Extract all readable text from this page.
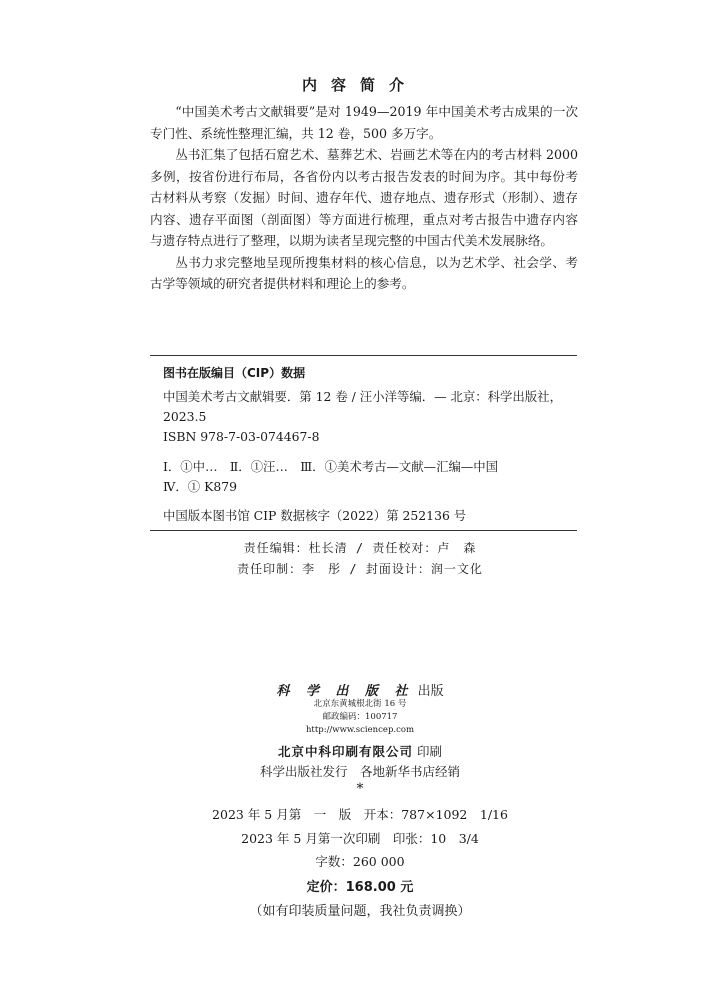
内容简介

“中国美术考古文献辑要”是对 1949—2019 年中国美术考古成果的一次专门性、系统性整理汇编，共 12 卷，500 多万字。

丛书汇集了包括石窟艺术、墓葬艺术、岩画艺术等在内的考古材料 2000 多例，按省份进行布局，各省份内以考古报告发表的时间为序。其中每份考古材料从考察（发掘）时间、遗存年代、遗存地点、遗存形式（形制）、遗存内容、遗存平面图（剖面图）等方面进行梳理，重点对考古报告中遗存内容与遗存特点进行了整理，以期为读者呈现完整的中国古代美术发展脉络。

丛书力求完整地呈现所搜集材料的核心信息，以为艺术学、社会学、考古学等领域的研究者提供材料和理论上的参考。

图书在版编目（CIP）数据
中国美术考古文献辑要．第 12 卷 / 汪小洋等编．— 北京：科学出版社，
2023.5
ISBN 978-7-03-074467-8
Ⅰ．①中…　Ⅱ．①汪…　Ⅲ．①美术考古—文献—汇编—中国
Ⅳ．① K879
中国版本图书馆 CIP 数据核字（2022）第 252136 号
责任编辑：杜长清 / 责任校对：卢　森
责任印制：李　彤 / 封面设计：润一文化
科 学 出 版 社 出版
北京东黄城根北街 16 号
邮政编码：100717
http://www.sciencep.com
北京中科印刷有限公司 印刷
科学出版社发行　各地新华书店经销
*
2023 年 5 月第　一　版　开本：787×1092　1/16
2023 年 5 月第一次印刷　印张：10　3/4
字数：260 000
定价：168.00 元
（如有印装质量问题，我社负责调换）
